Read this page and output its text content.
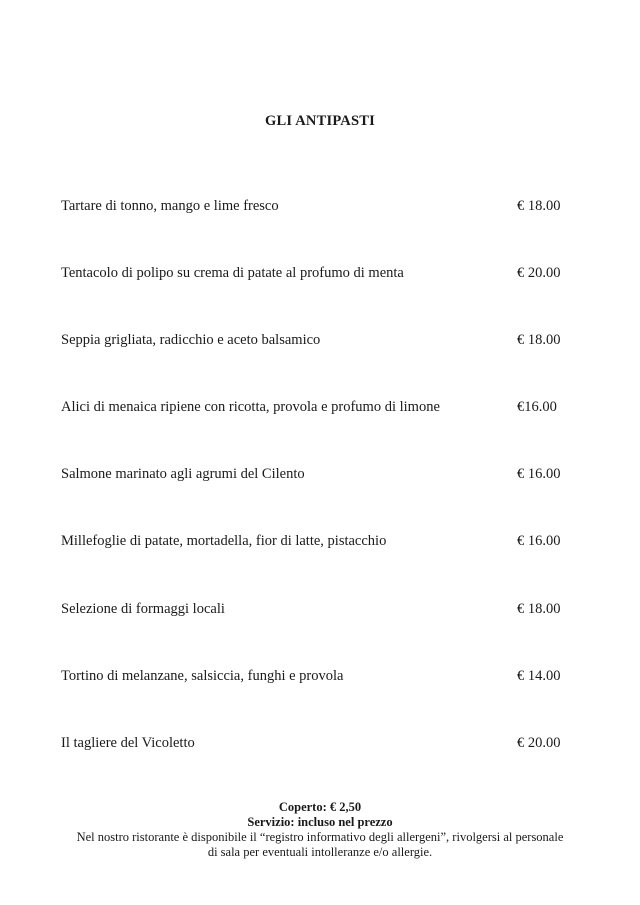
GLI ANTIPASTI
Tartare di tonno, mango e lime fresco	€ 18.00
Tentacolo di polipo su crema di patate al profumo di menta	€ 20.00
Seppia grigliata, radicchio e aceto balsamico	€ 18.00
Alici di menaica ripiene con ricotta, provola e profumo di limone	€16.00
Salmone marinato agli agrumi del Cilento	€ 16.00
Millefoglie di patate, mortadella, fior di latte, pistacchio	€ 16.00
Selezione di formaggi locali	€ 18.00
Tortino di melanzane, salsiccia, funghi e provola	€ 14.00
Il tagliere del Vicoletto	€ 20.00
Coperto: € 2,50
Servizio: incluso nel prezzo
Nel nostro ristorante è disponibile il “registro informativo degli allergeni”, rivolgersi al personale
di sala per eventuali intolleranze e/o allergie.
